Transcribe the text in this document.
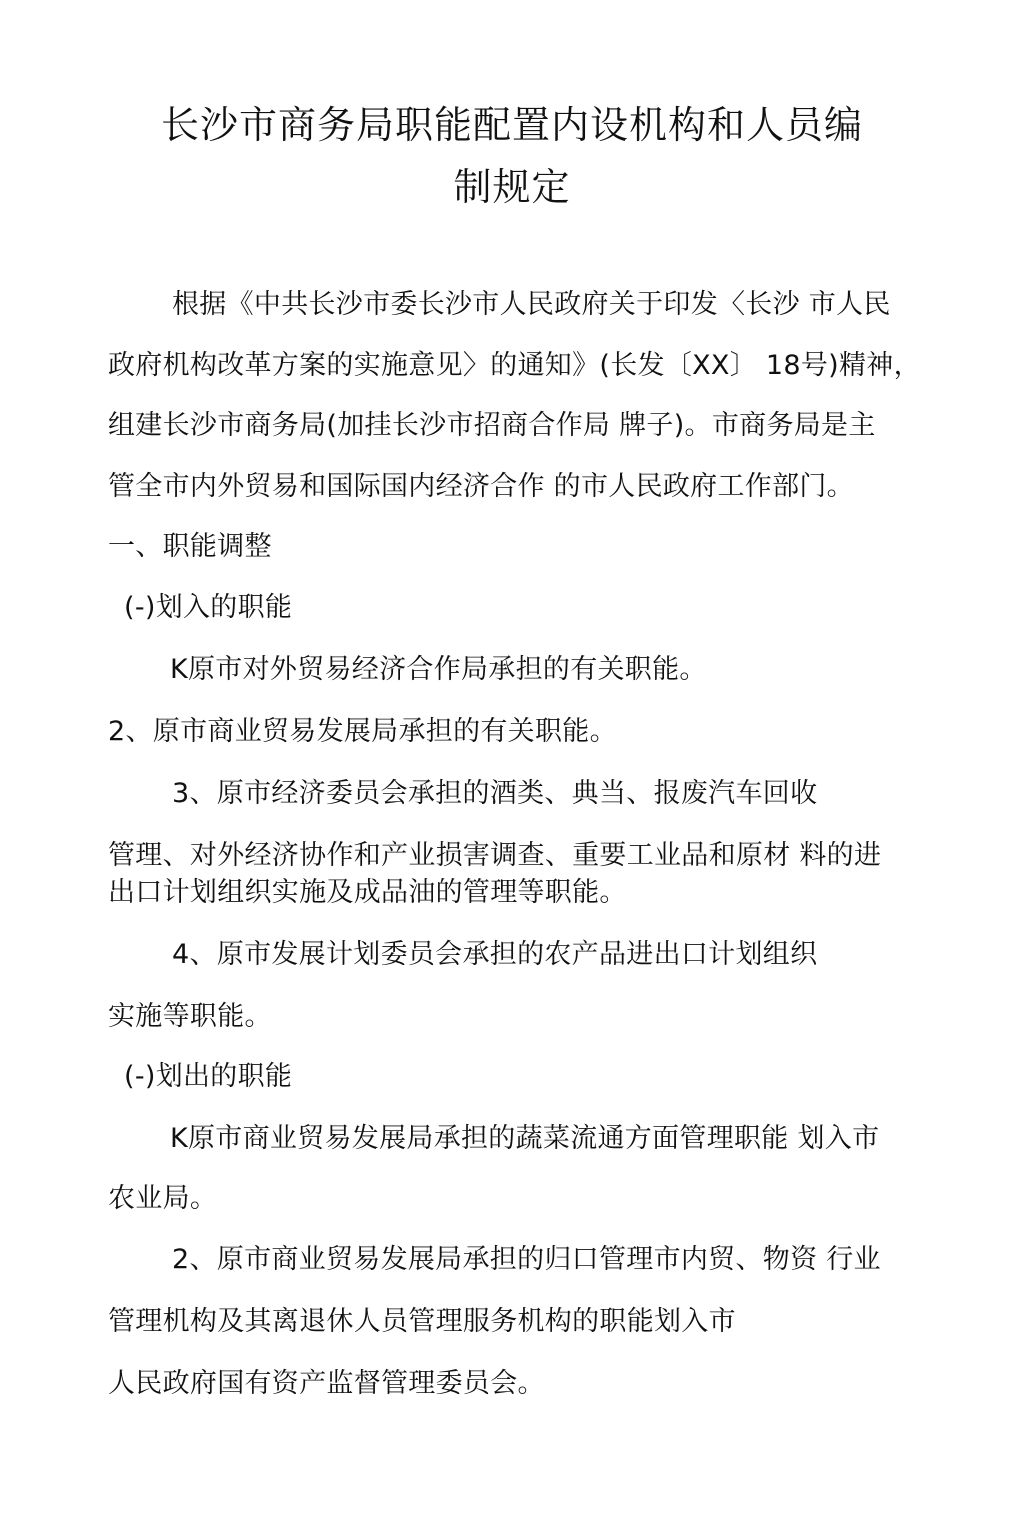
长沙市商务局职能配置内设机构和人员编
制规定
根据《中共长沙市委长沙市人民政府关于印发〈长沙 市人民
政府机构改革方案的实施意见〉的通知》(长发〔XX〕 18号)精神，
组建长沙市商务局(加挂长沙市招商合作局 牌子)。市商务局是主
管全市内外贸易和国际国内经济合作 的市人民政府工作部门。
一、职能调整
(-)划入的职能
K原市对外贸易经济合作局承担的有关职能。
2、原市商业贸易发展局承担的有关职能。
3、原市经济委员会承担的酒类、典当、报废汽车回收
管理、对外经济协作和产业损害调查、重要工业品和原材 料的进
出口计划组织实施及成品油的管理等职能。
4、原市发展计划委员会承担的农产品进出口计划组织
实施等职能。
(-)划出的职能
K原市商业贸易发展局承担的蔬菜流通方面管理职能 划入市
农业局。
2、原市商业贸易发展局承担的归口管理市内贸、物资 行业
管理机构及其离退休人员管理服务机构的职能划入市
人民政府国有资产监督管理委员会。
